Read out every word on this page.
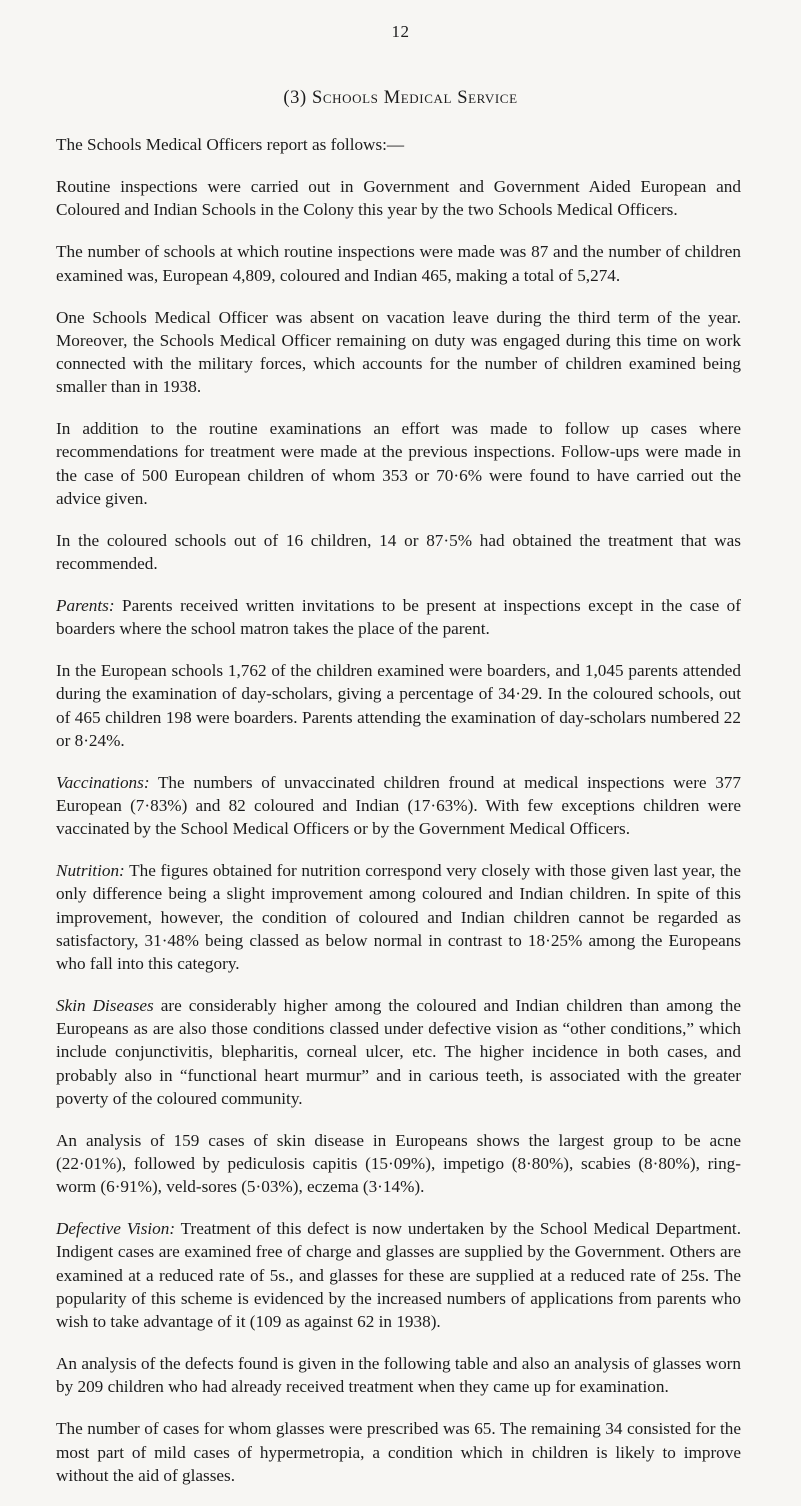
12
(3) Schools Medical Service

The Schools Medical Officers report as follows:—

Routine inspections were carried out in Government and Government Aided European and Coloured and Indian Schools in the Colony this year by the two Schools Medical Officers.

The number of schools at which routine inspections were made was 87 and the number of children examined was, European 4,809, coloured and Indian 465, making a total of 5,274.

One Schools Medical Officer was absent on vacation leave during the third term of the year. Moreover, the Schools Medical Officer remaining on duty was engaged during this time on work connected with the military forces, which accounts for the number of children examined being smaller than in 1938.

In addition to the routine examinations an effort was made to follow up cases where recommendations for treatment were made at the previous inspections. Follow-ups were made in the case of 500 European children of whom 353 or 70·6% were found to have carried out the advice given.

In the coloured schools out of 16 children, 14 or 87·5% had obtained the treatment that was recommended.

Parents: Parents received written invitations to be present at inspections except in the case of boarders where the school matron takes the place of the parent.

In the European schools 1,762 of the children examined were boarders, and 1,045 parents attended during the examination of day-scholars, giving a percentage of 34·29. In the coloured schools, out of 465 children 198 were boarders. Parents attending the examination of day-scholars numbered 22 or 8·24%.

Vaccinations: The numbers of unvaccinated children fround at medical inspections were 377 European (7·83%) and 82 coloured and Indian (17·63%). With few exceptions children were vaccinated by the School Medical Officers or by the Government Medical Officers.

Nutrition: The figures obtained for nutrition correspond very closely with those given last year, the only difference being a slight improvement among coloured and Indian children. In spite of this improvement, however, the condition of coloured and Indian children cannot be regarded as satisfactory, 31·48% being classed as below normal in contrast to 18·25% among the Europeans who fall into this category.

Skin Diseases are considerably higher among the coloured and Indian children than among the Europeans as are also those conditions classed under defective vision as “other conditions,” which include conjunctivitis, blepharitis, corneal ulcer, etc. The higher incidence in both cases, and probably also in “functional heart murmur” and in carious teeth, is associated with the greater poverty of the coloured community.

An analysis of 159 cases of skin disease in Europeans shows the largest group to be acne (22·01%), followed by pediculosis capitis (15·09%), impetigo (8·80%), scabies (8·80%), ring-worm (6·91%), veld-sores (5·03%), eczema (3·14%).

Defective Vision: Treatment of this defect is now undertaken by the School Medical Department. Indigent cases are examined free of charge and glasses are supplied by the Government. Others are examined at a reduced rate of 5s., and glasses for these are supplied at a reduced rate of 25s. The popularity of this scheme is evidenced by the increased numbers of applications from parents who wish to take advantage of it (109 as against 62 in 1938).

An analysis of the defects found is given in the following table and also an analysis of glasses worn by 209 children who had already received treatment when they came up for examination.

The number of cases for whom glasses were prescribed was 65. The remaining 34 consisted for the most part of mild cases of hypermetropia, a condition which in children is likely to improve without the aid of glasses.
